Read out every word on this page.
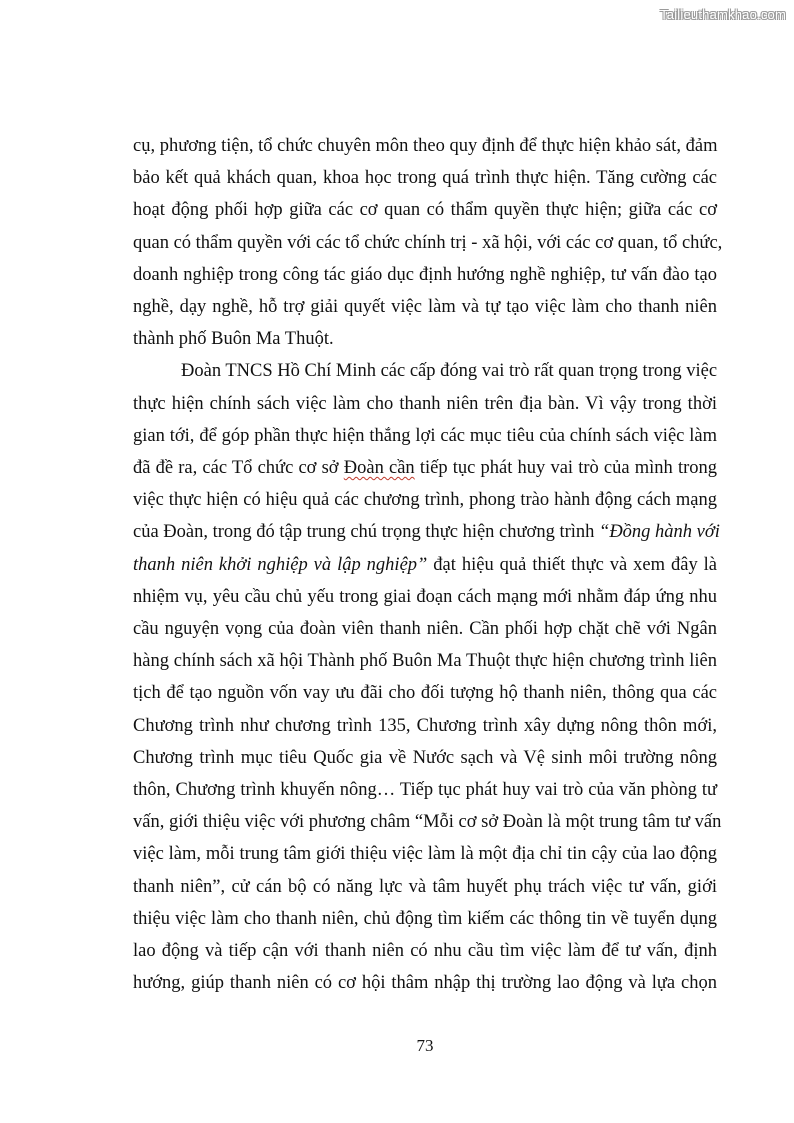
Tailieuthamkhao.com
cụ, phương tiện, tổ chức chuyên môn theo quy định để thực hiện khảo sát, đảm
bảo kết quả khách quan, khoa học trong quá trình thực hiện. Tăng cường các
hoạt động phối hợp giữa các cơ quan có thẩm quyền thực hiện; giữa các cơ
quan có thẩm quyền với các tổ chức chính trị - xã hội, với các cơ quan, tổ chức,
doanh nghiệp trong công tác giáo dục định hướng nghề nghiệp, tư vấn đào tạo
nghề, dạy nghề, hỗ trợ giải quyết việc làm và tự tạo việc làm cho thanh niên
thành phố Buôn Ma Thuột.
Đoàn TNCS Hồ Chí Minh các cấp đóng vai trò rất quan trọng trong việc
thực hiện chính sách việc làm cho thanh niên trên địa bàn. Vì vậy trong thời
gian tới, để góp phần thực hiện thắng lợi các mục tiêu của chính sách việc làm
đã đề ra, các Tổ chức cơ sở Đoàn cần tiếp tục phát huy vai trò của mình trong
việc thực hiện có hiệu quả các chương trình, phong trào hành động cách mạng
của Đoàn, trong đó tập trung chú trọng thực hiện chương trình “Đồng hành với
thanh niên khởi nghiệp và lập nghiệp” đạt hiệu quả thiết thực và xem đây là
nhiệm vụ, yêu cầu chủ yếu trong giai đoạn cách mạng mới nhằm đáp ứng nhu
cầu nguyện vọng của đoàn viên thanh niên. Cần phối hợp chặt chẽ với Ngân
hàng chính sách xã hội Thành phố Buôn Ma Thuột thực hiện chương trình liên
tịch để tạo nguồn vốn vay ưu đãi cho đối tượng hộ thanh niên, thông qua các
Chương trình như chương trình 135, Chương trình xây dựng nông thôn mới,
Chương trình mục tiêu Quốc gia về Nước sạch và Vệ sinh môi trường nông
thôn, Chương trình khuyến nông… Tiếp tục phát huy vai trò của văn phòng tư
vấn, giới thiệu việc với phương châm “Mỗi cơ sở Đoàn là một trung tâm tư vấn
việc làm, mỗi trung tâm giới thiệu việc làm là một địa chỉ tin cậy của lao động
thanh niên”, cử cán bộ có năng lực và tâm huyết phụ trách việc tư vấn, giới
thiệu việc làm cho thanh niên, chủ động tìm kiếm các thông tin về tuyển dụng
lao động và tiếp cận với thanh niên có nhu cầu tìm việc làm để tư vấn, định
hướng, giúp thanh niên có cơ hội thâm nhập thị trường lao động và lựa chọn
73
